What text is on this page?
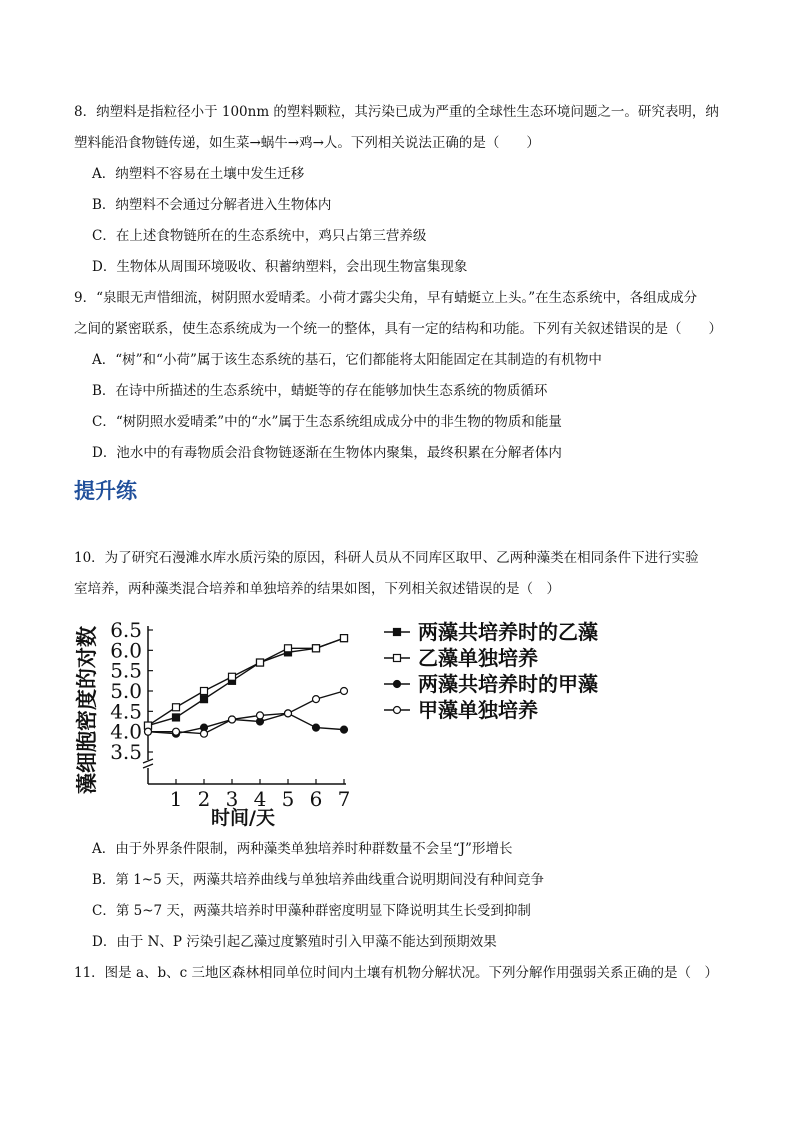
8．纳塑料是指粒径小于 100nm 的塑料颗粒，其污染已成为严重的全球性生态环境问题之一。研究表明，纳
塑料能沿食物链传递，如生菜→蜗牛→鸡→人。下列相关说法正确的是（　　）
A．纳塑料不容易在土壤中发生迁移
B．纳塑料不会通过分解者进入生物体内
C．在上述食物链所在的生态系统中，鸡只占第三营养级
D．生物体从周围环境吸收、积蓄纳塑料，会出现生物富集现象
9．“泉眼无声惜细流，树阴照水爱晴柔。小荷才露尖尖角，早有蜻蜓立上头。”在生态系统中，各组成成分
之间的紧密联系，使生态系统成为一个统一的整体，具有一定的结构和功能。下列有关叙述错误的是（　　）
A．“树”和“小荷”属于该生态系统的基石，它们都能将太阳能固定在其制造的有机物中
B．在诗中所描述的生态系统中，蜻蜓等的存在能够加快生态系统的物质循环
C．“树阴照水爱晴柔”中的“水”属于生态系统组成成分中的非生物的物质和能量
D．池水中的有毒物质会沿食物链逐渐在生物体内聚集，最终积累在分解者体内
提升练
10．为了研究石漫滩水库水质污染的原因，科研人员从不同库区取甲、乙两种藻类在相同条件下进行实验
室培养，两种藻类混合培养和单独培养的结果如图，下列相关叙述错误的是（　）
3.5
4.0
4.5
5.0
5.5
6.0
6.5
1 2 3 4 5 6 7
两藻共培养时的乙藻
乙藻单独培养
两藻共培养时的甲藻
甲藻单独培养
藻细胞密度的对数
时间/天
A．由于外界条件限制，两种藻类单独培养时种群数量不会呈“J”形增长
B．第 1~5 天，两藻共培养曲线与单独培养曲线重合说明期间没有种间竞争
C．第 5~7 天，两藻共培养时甲藻种群密度明显下降说明其生长受到抑制
D．由于 N、P 污染引起乙藻过度繁殖时引入甲藻不能达到预期效果
11．图是 a、b、c 三地区森林相同单位时间内土壤有机物分解状况。下列分解作用强弱关系正确的是（　）
